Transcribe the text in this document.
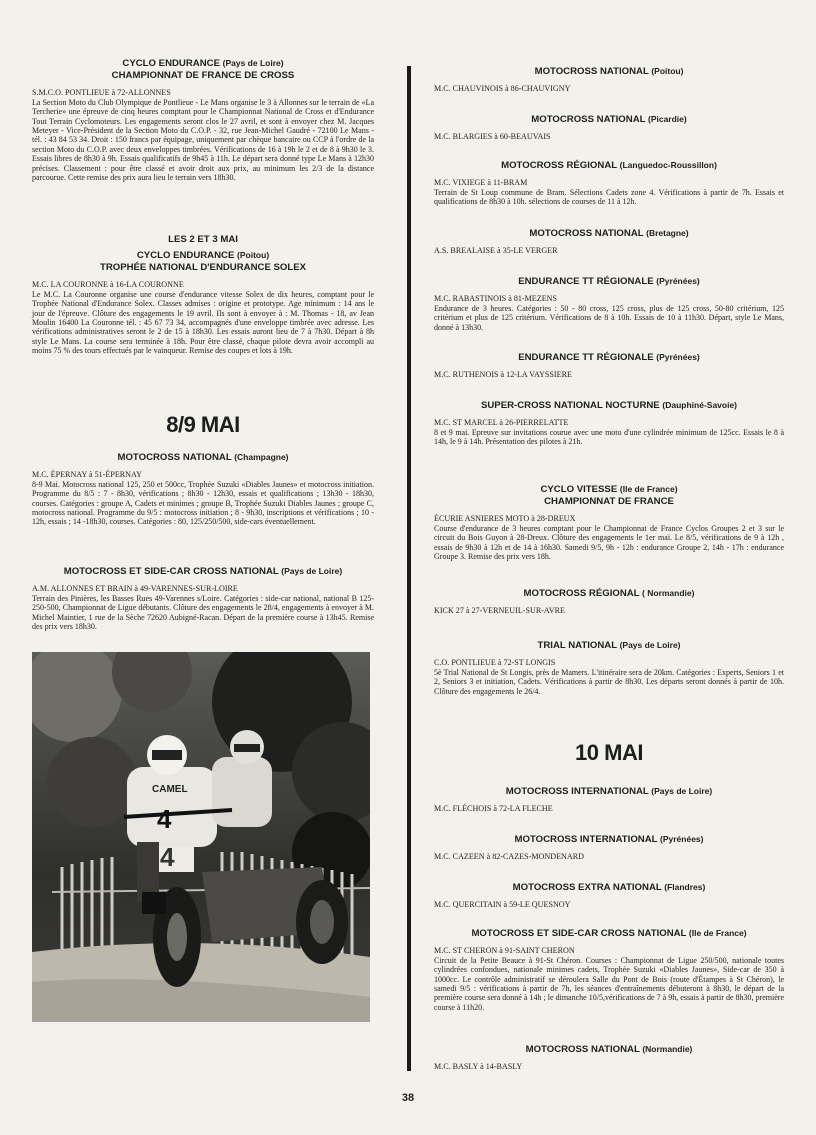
CYCLO ENDURANCE (Pays de Loire)

CHAMPIONNAT DE FRANCE DE CROSS

S.M.C.O. PONTLIEUE à 72-ALLONNES

La Section Moto du Club Olympique de Pontlieue - Le Mans organise le 3 à Allonnes sur le terrain de «La Tercherie» une épreuve de cinq heures comptant pour le Championnat National de Cross et d'Endurance Tout Terrain Cyclomoteurs. Les engagements seront clos le 27 avril, et sont à envoyer chez M. Jacques Meteyer - Vice-Président de la Section Moto du C.O.P. - 32, rue Jean-Michel Gaudré - 72100 Le Mans - tél. : 43 84 53 34. Droit : 150 francs par équipage, uniquement par chèque bancaire ou CCP à l'ordre de la section Moto du C.O.P. avec deux enveloppes timbrées. Vérifications de 16 à 19h le 2 et de 8 à 9h30 le 3. Essais libres de 8h30 à 9h. Essais qualificatifs de 9h45 à 11h. Le départ sera donné type Le Mans à 12h30 précises. Classement : pour être classé et avoir droit aux prix, au minimum les 2/3 de la distance parcourue. Cette remise des prix aura lieu le terrain vers 18h30.

LES 2 ET 3 MAI

CYCLO ENDURANCE (Poitou)

TROPHÉE NATIONAL D'ENDURANCE SOLEX

M.C. LA COURONNE à 16-LA COURONNE

Le M.C. La Couronne organise une course d'endurance vitesse Solex de dix heures, comptant pour le Trophée National d'Endurance Solex. Classes admises : origine et prototype. Age minimum : 14 ans le jour de l'épreuve. Clôture des engagements le 19 avril. Ils sont à envoyer à : M. Thomas - 18, av Jean Moulin 16400 La Couronne tél. : 45 67 73 34, accompagnés d'une enveloppe timbrée avec adresse. Les vérifications administratives seront le 2 de 15 à 18h30. Les essais auront lieu de 7 à 7h30. Départ à 8h style Le Mans. La course sera terminée à 18h. Pour être classé, chaque pilote devra avoir accompli au moins 75 % des tours effectués par le vainqueur. Remise des coupes et lots à 19h.

8/9 MAI

MOTOCROSS NATIONAL (Champagne)

M.C. ÉPERNAY à 51-ÉPERNAY

8-9 Mai. Motocross national 125, 250 et 500cc, Trophée Suzuki «Diables Jaunes» et motocross initiation. Programme du 8/5 : 7 - 8h30, vérifications ; 8h30 - 12h30, essais et qualifications ; 13h30 - 18h30, courses. Catégories : groupe A, Cadets et minimes ; groupe B, Trophée Suzuki Diables Jaunes ; groupe C, motocross national. Programme du 9/5 : motocross initiation ; 8 - 9h30, inscriptions et vérifications ; 10 - 12h, essais ; 14 -18h30, courses. Catégories : 80, 125/250/500, side-cars éventuellement.

MOTOCROSS ET SIDE-CAR CROSS NATIONAL (Pays de Loire)

A.M. ALLONNES ET BRAIN à 49-VARENNES-SUR-LOIRE

Terrain des Pinières, les Basses Rues 49-Varennes s/Loire. Catégories : side-car national, national B 125-250-500, Championnat de Ligue débutants. Clôture des engagements le 28/4, engagements à envoyer à M. Michel Maintier, 1 rue de la Sèche 72620 Aubigné-Racan. Départ de la première course à 13h45. Remise des prix vers 18h30.

MOTOCROSS NATIONAL (Poitou)

M.C. CHAUVINOIS à 86-CHAUVIGNY

MOTOCROSS NATIONAL (Picardie)

M.C. BLARGIES à 60-BEAUVAIS

MOTOCROSS RÉGIONAL (Languedoc-Roussillon)

M.C. VIXIEGE à 11-BRAM

Terrain de St Loup commune de Bram. Sélections Cadets zone 4. Vérifications à partir de 7h. Essais et qualifications de 8h30 à 10h. sélections de courses de 11 à 12h.

MOTOCROSS NATIONAL (Bretagne)

A.S. BREALAISE à 35-LE VERGER

ENDURANCE TT RÉGIONALE (Pyrénées)

M.C. RABASTINOIS à 81-MEZENS

Endurance de 3 heures. Catégories : 50 - 80 cross, 125 cross, plus de 125 cross, 50-80 critérium, 125 critérium et plus de 125 critérium. Vérifications de 8 à 10h. Essais de 10 à 11h30. Départ, style Le Mans, donné à 13h30.

ENDURANCE TT RÉGIONALE (Pyrénées)

M.C. RUTHENOIS à 12-LA VAYSSIERE

SUPER-CROSS NATIONAL NOCTURNE (Dauphiné-Savoie)

M.C. ST MARCEL à 26-PIERRELATTE

8 et 9 mai. Epreuve sur invitations courue avec une moto d'une cylindrée minimum de 125cc. Essais le 8 à 14h, le 9 à 14h. Présentation des pilotes à 21h.

CYCLO VITESSE (Ile de France)

CHAMPIONNAT DE FRANCE

ÉCURIE ASNIERES MOTO à 28-DREUX

Course d'endurance de 3 heures comptant pour le Championnat de France Cyclos Groupes 2 et 3 sur le circuit du Bois Guyon à 28-Dreux. Clôture des engagements le 1er mai. Le 8/5, vérifications de 9 à 12h , essais de 9h30 à 12h et de 14 à 16h30. Samedi 9/5, 9h - 12h : endurance Groupe 2, 14h - 17h : endurance Groupe 3. Remise des prix vers 18h.

MOTOCROSS RÉGIONAL ( Normandie)

KICK 27 à 27-VERNEUIL-SUR-AVRE

TRIAL NATIONAL (Pays de Loire)

C.O. PONTLIEUE à 72-ST LONGIS

5è Trial National de St Longis, près de Mamers. L'itinéraire sera de 20km. Catégories : Experts, Seniors 1 et 2, Seniors 3 et initiation, Cadets. Vérifications à partir de 8h30. Les départs seront donnés à partir de 10h. Clôture des engagements le 26/4.

10 MAI

MOTOCROSS INTERNATIONAL (Pays de Loire)

M.C. FLÉCHOIS à 72-LA FLECHE

MOTOCROSS INTERNATIONAL (Pyrénées)

M.C. CAZEEN à 82-CAZES-MONDENARD

MOTOCROSS EXTRA NATIONAL (Flandres)

M.C. QUERCITAIN à 59-LE QUESNOY

MOTOCROSS ET SIDE-CAR CROSS NATIONAL (Ile de France)

M.C. ST CHERON à 91-SAINT CHERON

Circuit de la Petite Beauce à 91-St Chéron. Courses : Championnat de Ligue 250/500, nationale toutes cylindrées confondues, nationale minimes cadets, Trophée Suzuki «Diables Jaunes», Side-car de 350 à 1000cc. Le contrôle administratif se déroulera Salle du Pont de Bois (route d'Étampes à St Chéron), le samedi 9/5 : vérifications à partir de 7h, les séances d'entraînements débuteront à 8h30, le départ de la première course sera donné à 14h ; le dimanche 10/5,vérifications de 7 à 9h, essais à partir de 8h30, première course à 11h20.

MOTOCROSS NATIONAL (Normandie)

M.C. BASLY à 14-BASLY

CAMEL
4
4
38
